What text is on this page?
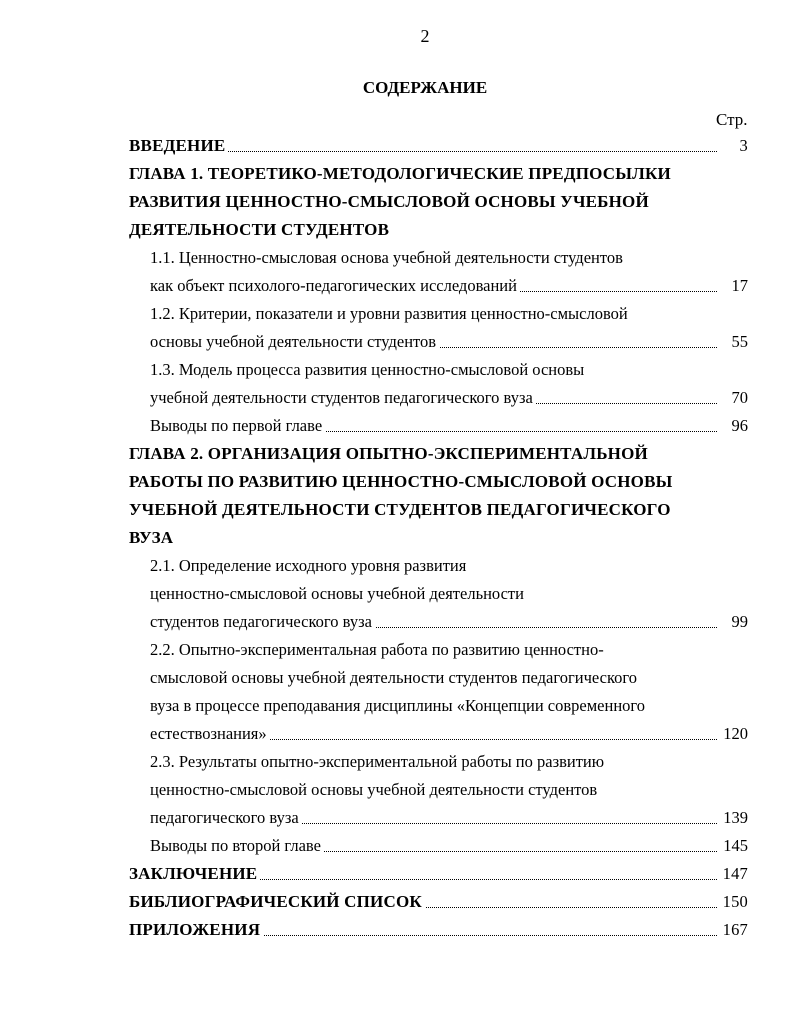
2
СОДЕРЖАНИЕ
Стр.
ВВЕДЕНИЕ	3
ГЛАВА 1. ТЕОРЕТИКО-МЕТОДОЛОГИЧЕСКИЕ ПРЕДПОСЫЛКИ
РАЗВИТИЯ ЦЕННОСТНО-СМЫСЛОВОЙ ОСНОВЫ УЧЕБНОЙ
ДЕЯТЕЛЬНОСТИ СТУДЕНТОВ
1.1. Ценностно-смысловая основа учебной деятельности студентов
как объект психолого-педагогических исследований	17
1.2. Критерии, показатели и уровни развития ценностно-смысловой
основы учебной деятельности студентов	55
1.3. Модель процесса развития ценностно-смысловой основы
учебной деятельности студентов педагогического вуза	70
Выводы по первой главе	96
ГЛАВА 2. ОРГАНИЗАЦИЯ ОПЫТНО-ЭКСПЕРИМЕНТАЛЬНОЙ
РАБОТЫ ПО РАЗВИТИЮ ЦЕННОСТНО-СМЫСЛОВОЙ ОСНОВЫ
УЧЕБНОЙ ДЕЯТЕЛЬНОСТИ СТУДЕНТОВ ПЕДАГОГИЧЕСКОГО
ВУЗА
2.1. Определение исходного уровня развития
ценностно-смысловой основы учебной деятельности
студентов педагогического вуза	99
2.2. Опытно-экспериментальная работа по развитию ценностно-
смысловой основы учебной деятельности студентов педагогического
вуза в процессе преподавания дисциплины «Концепции современного
естествознания»	120
2.3. Результаты опытно-экспериментальной работы по развитию
ценностно-смысловой основы учебной деятельности студентов
педагогического вуза	139
Выводы по второй главе	145
ЗАКЛЮЧЕНИЕ	147
БИБЛИОГРАФИЧЕСКИЙ СПИСОК	150
ПРИЛОЖЕНИЯ	167
